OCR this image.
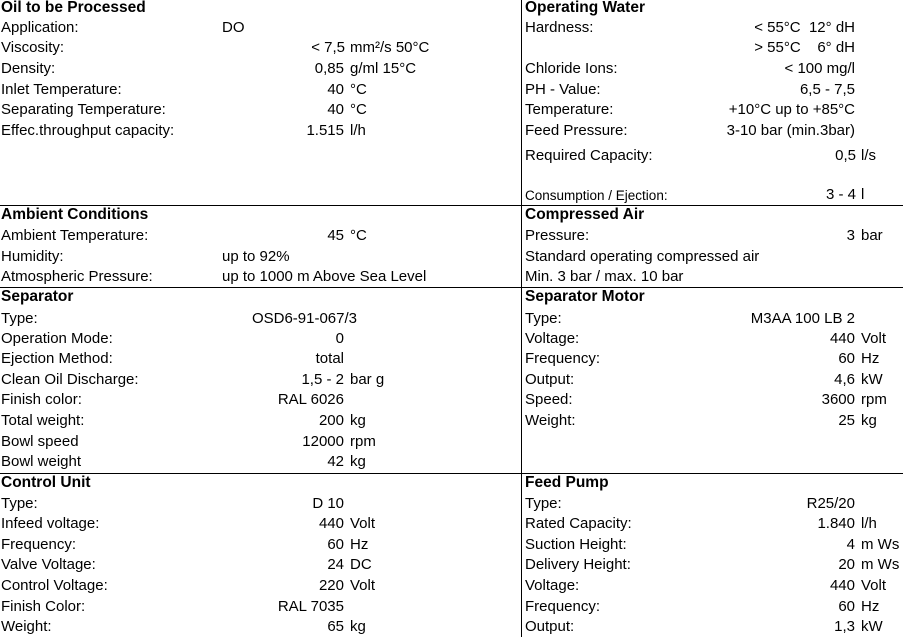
Oil to be Processed
Application:	DO
Viscosity:	< 7,5 mm²/s 50°C
Density:	0,85 g/ml 15°C
Inlet Temperature:	40 °C
Separating Temperature:	40 °C
Effec.throughput capacity:	1.515 l/h
Operating Water
Hardness:	< 55°C  12° dH
> 55°C    6° dH
Chloride Ions:	< 100 mg/l
PH - Value:	6,5 - 7,5
Temperature:	+10°C up to +85°C
Feed Pressure:	3-10 bar (min.3bar)
Required Capacity:	0,5 l/s
Consumption / Ejection:	3 - 4 l
Ambient Conditions
Ambient Temperature:	45 °C
Humidity:	up to 92%
Atmospheric Pressure:	up to 1000 m Above Sea Level
Compressed Air
Pressure:	3 bar
Standard operating compressed air
Min. 3 bar / max. 10 bar
Separator
Type:	OSD6-91-067/3
Operation Mode:	0
Ejection Method:	total
Clean Oil Discharge:	1,5 - 2 bar g
Finish color:	RAL 6026
Total weight:	200 kg
Bowl speed	12000 rpm
Bowl weight	42 kg
Separator Motor
Type:	M3AA 100 LB 2
Voltage:	440 Volt
Frequency:	60 Hz
Output:	4,6 kW
Speed:	3600 rpm
Weight:	25 kg
Control Unit
Type:	D 10
Infeed voltage:	440 Volt
Frequency:	60 Hz
Valve Voltage:	24 DC
Control Voltage:	220 Volt
Finish Color:	RAL 7035
Weight:	65 kg
Feed Pump
Type:	R25/20
Rated Capacity:	1.840 l/h
Suction Height:	4 m Ws
Delivery Height:	20 m Ws
Voltage:	440 Volt
Frequency:	60 Hz
Output:	1,3 kW
